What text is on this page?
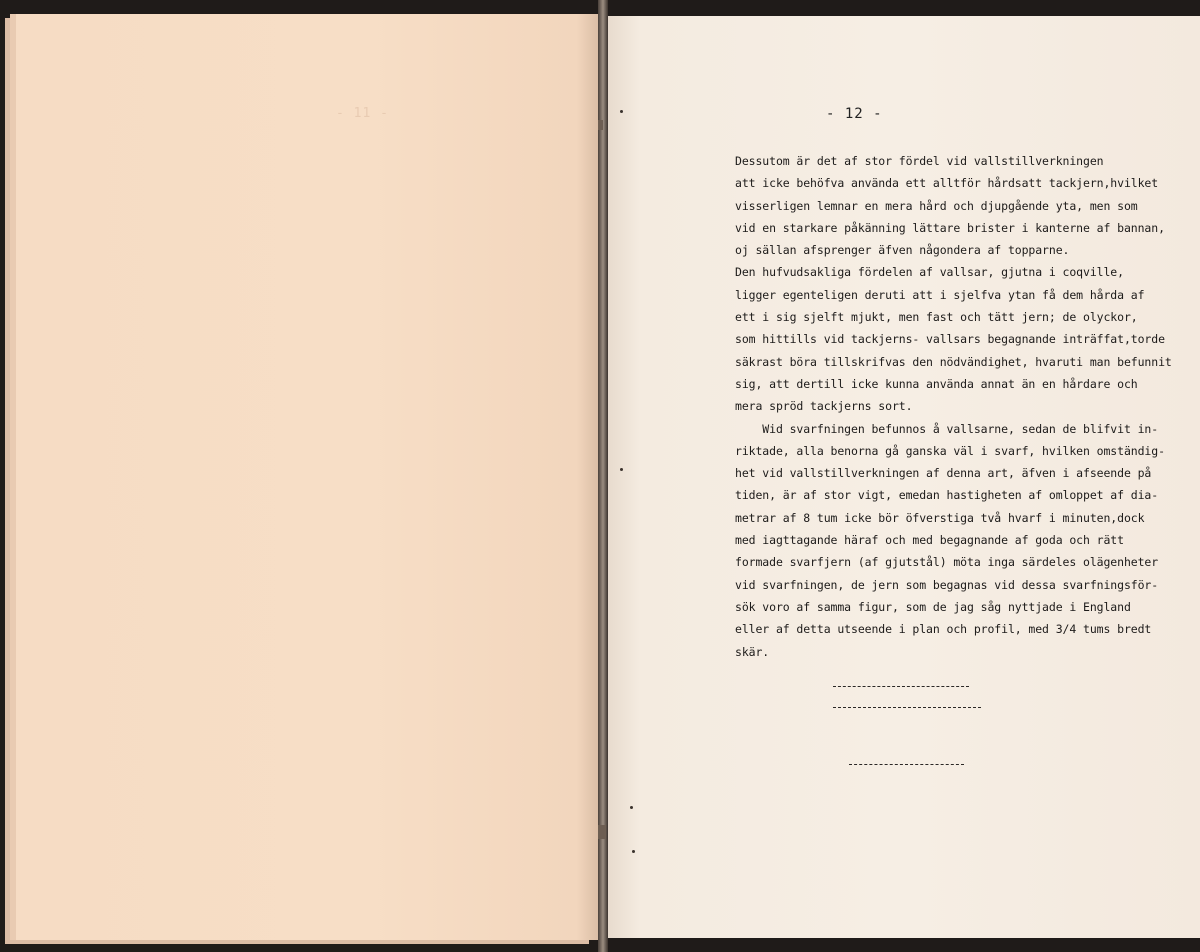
- 11 -	- 12 -
Dessutom är det af stor fördel vid vallstillverkningen
att icke behöfva använda ett alltför hårdsatt tackjern,hvilket
visserligen lemnar en mera hård och djupgående yta, men som
vid en starkare påkänning lättare brister i kanterne af bannan,
oj sällan afsprenger äfven någondera af topparne.
Den hufvudsakliga fördelen af vallsar, gjutna i coqville,
ligger egenteligen deruti att i sjelfva ytan få dem hårda af
ett i sig sjelft mjukt, men fast och tätt jern; de olyckor,
som hittills vid tackjerns- vallsars begagnande inträffat,torde
säkrast böra tillskrifvas den nödvändighet, hvaruti man befunnit
sig, att dertill icke kunna använda annat än en hårdare och
mera spröd tackjerns sort.
Wid svarfningen befunnos å vallsarne, sedan de blifvit in-
riktade, alla benorna gå ganska väl i svarf, hvilken omständig-
het vid vallstillverkningen af denna art, äfven i afseende på
tiden, är af stor vigt, emedan hastigheten af omloppet af dia-
metrar af 8 tum icke bör öfverstiga två hvarf i minuten,dock
med iagttagande häraf och med begagnande af goda och rätt
formade svarfjern (af gjutstål) möta inga särdeles olägenheter
vid svarfningen, de jern som begagnas vid dessa svarfningsför-
sök voro af samma figur, som de jag såg nyttjade i England
eller af detta utseende i plan och profil, med 3/4 tums bredt
skär.
